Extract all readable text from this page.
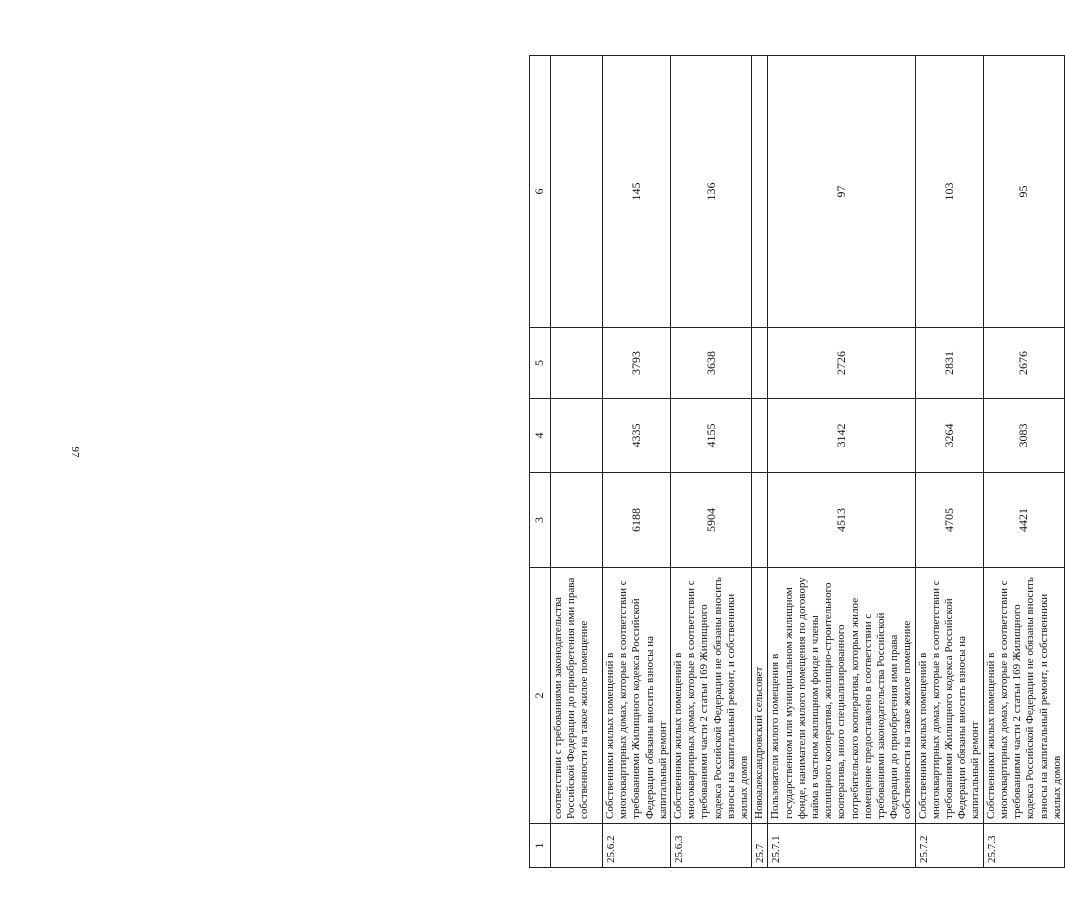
97
1	2	3	4	5	6
	соответствии с требованиями законодательства Российской Федерации до приобретения ими права собственности на такое жилое помещение				
25.6.2	Собственники жилых помещений в многоквартирных домах, которые в соответствии с требованиями Жилищного кодекса Российской Федерации обязаны вносить взносы на капитальный ремонт	6188	4335	3793	145
25.6.3	Собственники жилых помещений в многоквартирных домах, которые в соответствии с требованиями части 2 статьи 169 Жилищного кодекса Российской Федерации не обязаны вносить взносы на капитальный ремонт, и собственники жилых домов	5904	4155	3638	136
25.7	Новоалександровский сельсовет				
25.7.1	Пользователи жилого помещения в государственном или муниципальном жилищном фонде, наниматели жилого помещения по договору найма в частном жилищном фонде и члены жилищного кооператива, жилищно-строительного кооператива, иного специализированного потребительского кооператива, которым жилое помещение предоставлено в соответствии с требованиями законодательства Российской Федерации до приобретения ими права собственности на такое жилое помещение	4513	3142	2726	97
25.7.2	Собственники жилых помещений в многоквартирных домах, которые в соответствии с требованиями Жилищного кодекса Российской Федерации обязаны вносить взносы на капитальный ремонт	4705	3264	2831	103
25.7.3	Собственники жилых помещений в многоквартирных домах, которые в соответствии с требованиями части 2 статьи 169 Жилищного кодекса Российской Федерации не обязаны вносить взносы на капитальный ремонт, и собственники жилых домов	4421	3083	2676	95
